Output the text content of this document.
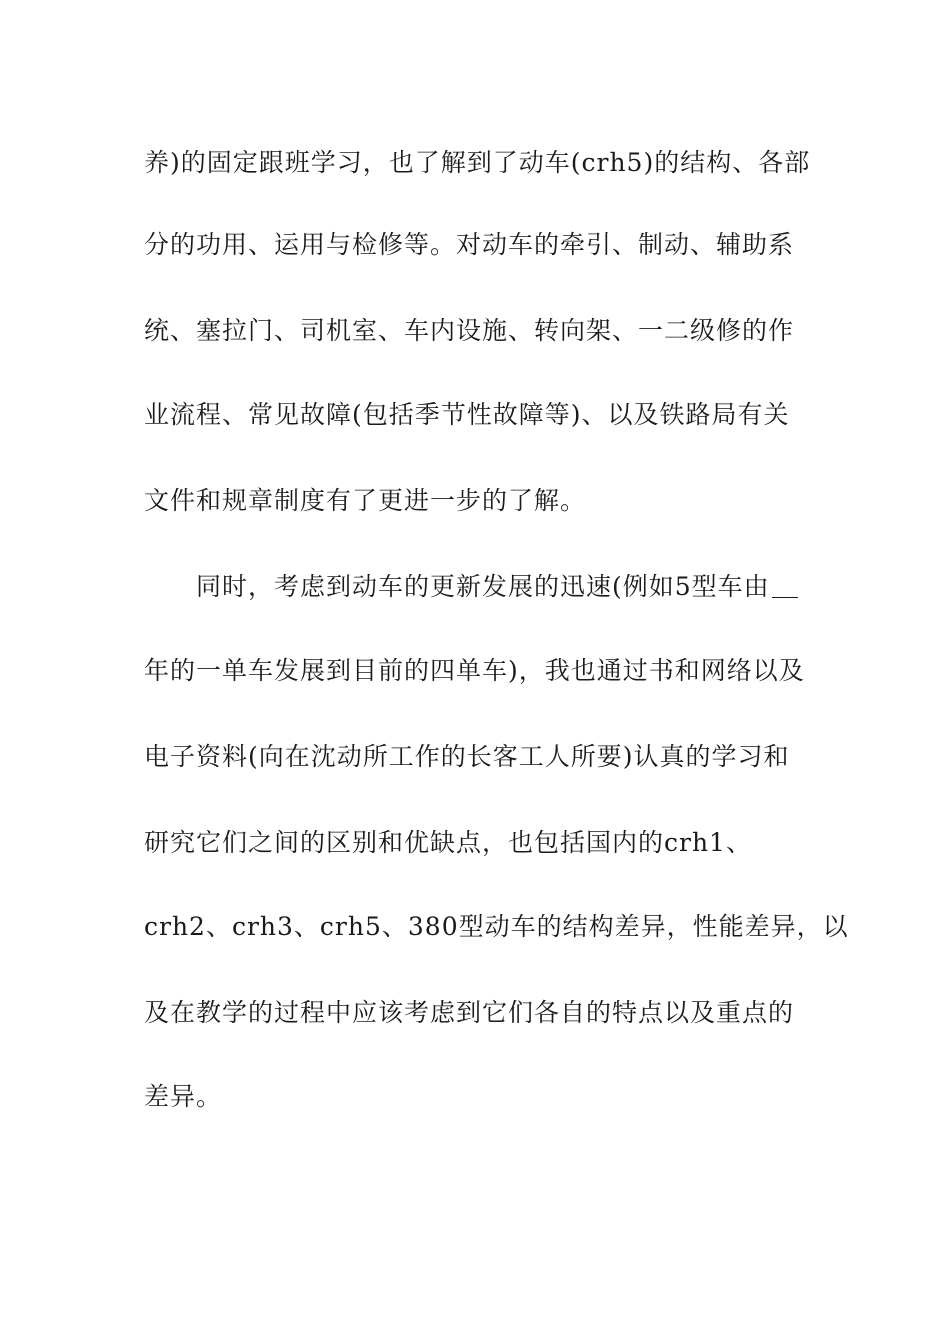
养)的固定跟班学习，也了解到了动车(crh5)的结构、各部
分的功用、运用与检修等。对动车的牵引、制动、辅助系
统、塞拉门、司机室、车内设施、转向架、一二级修的作
业流程、常见故障(包括季节性故障等)、以及铁路局有关
文件和规章制度有了更进一步的了解。
同时，考虑到动车的更新发展的迅速(例如5型车由
年的一单车发展到目前的四单车)，我也通过书和网络以及
电子资料(向在沈动所工作的长客工人所要)认真的学习和
研究它们之间的区别和优缺点，也包括国内的crh1、
crh2、crh3、crh5、380型动车的结构差异，性能差异，以
及在教学的过程中应该考虑到它们各自的特点以及重点的
差异。
